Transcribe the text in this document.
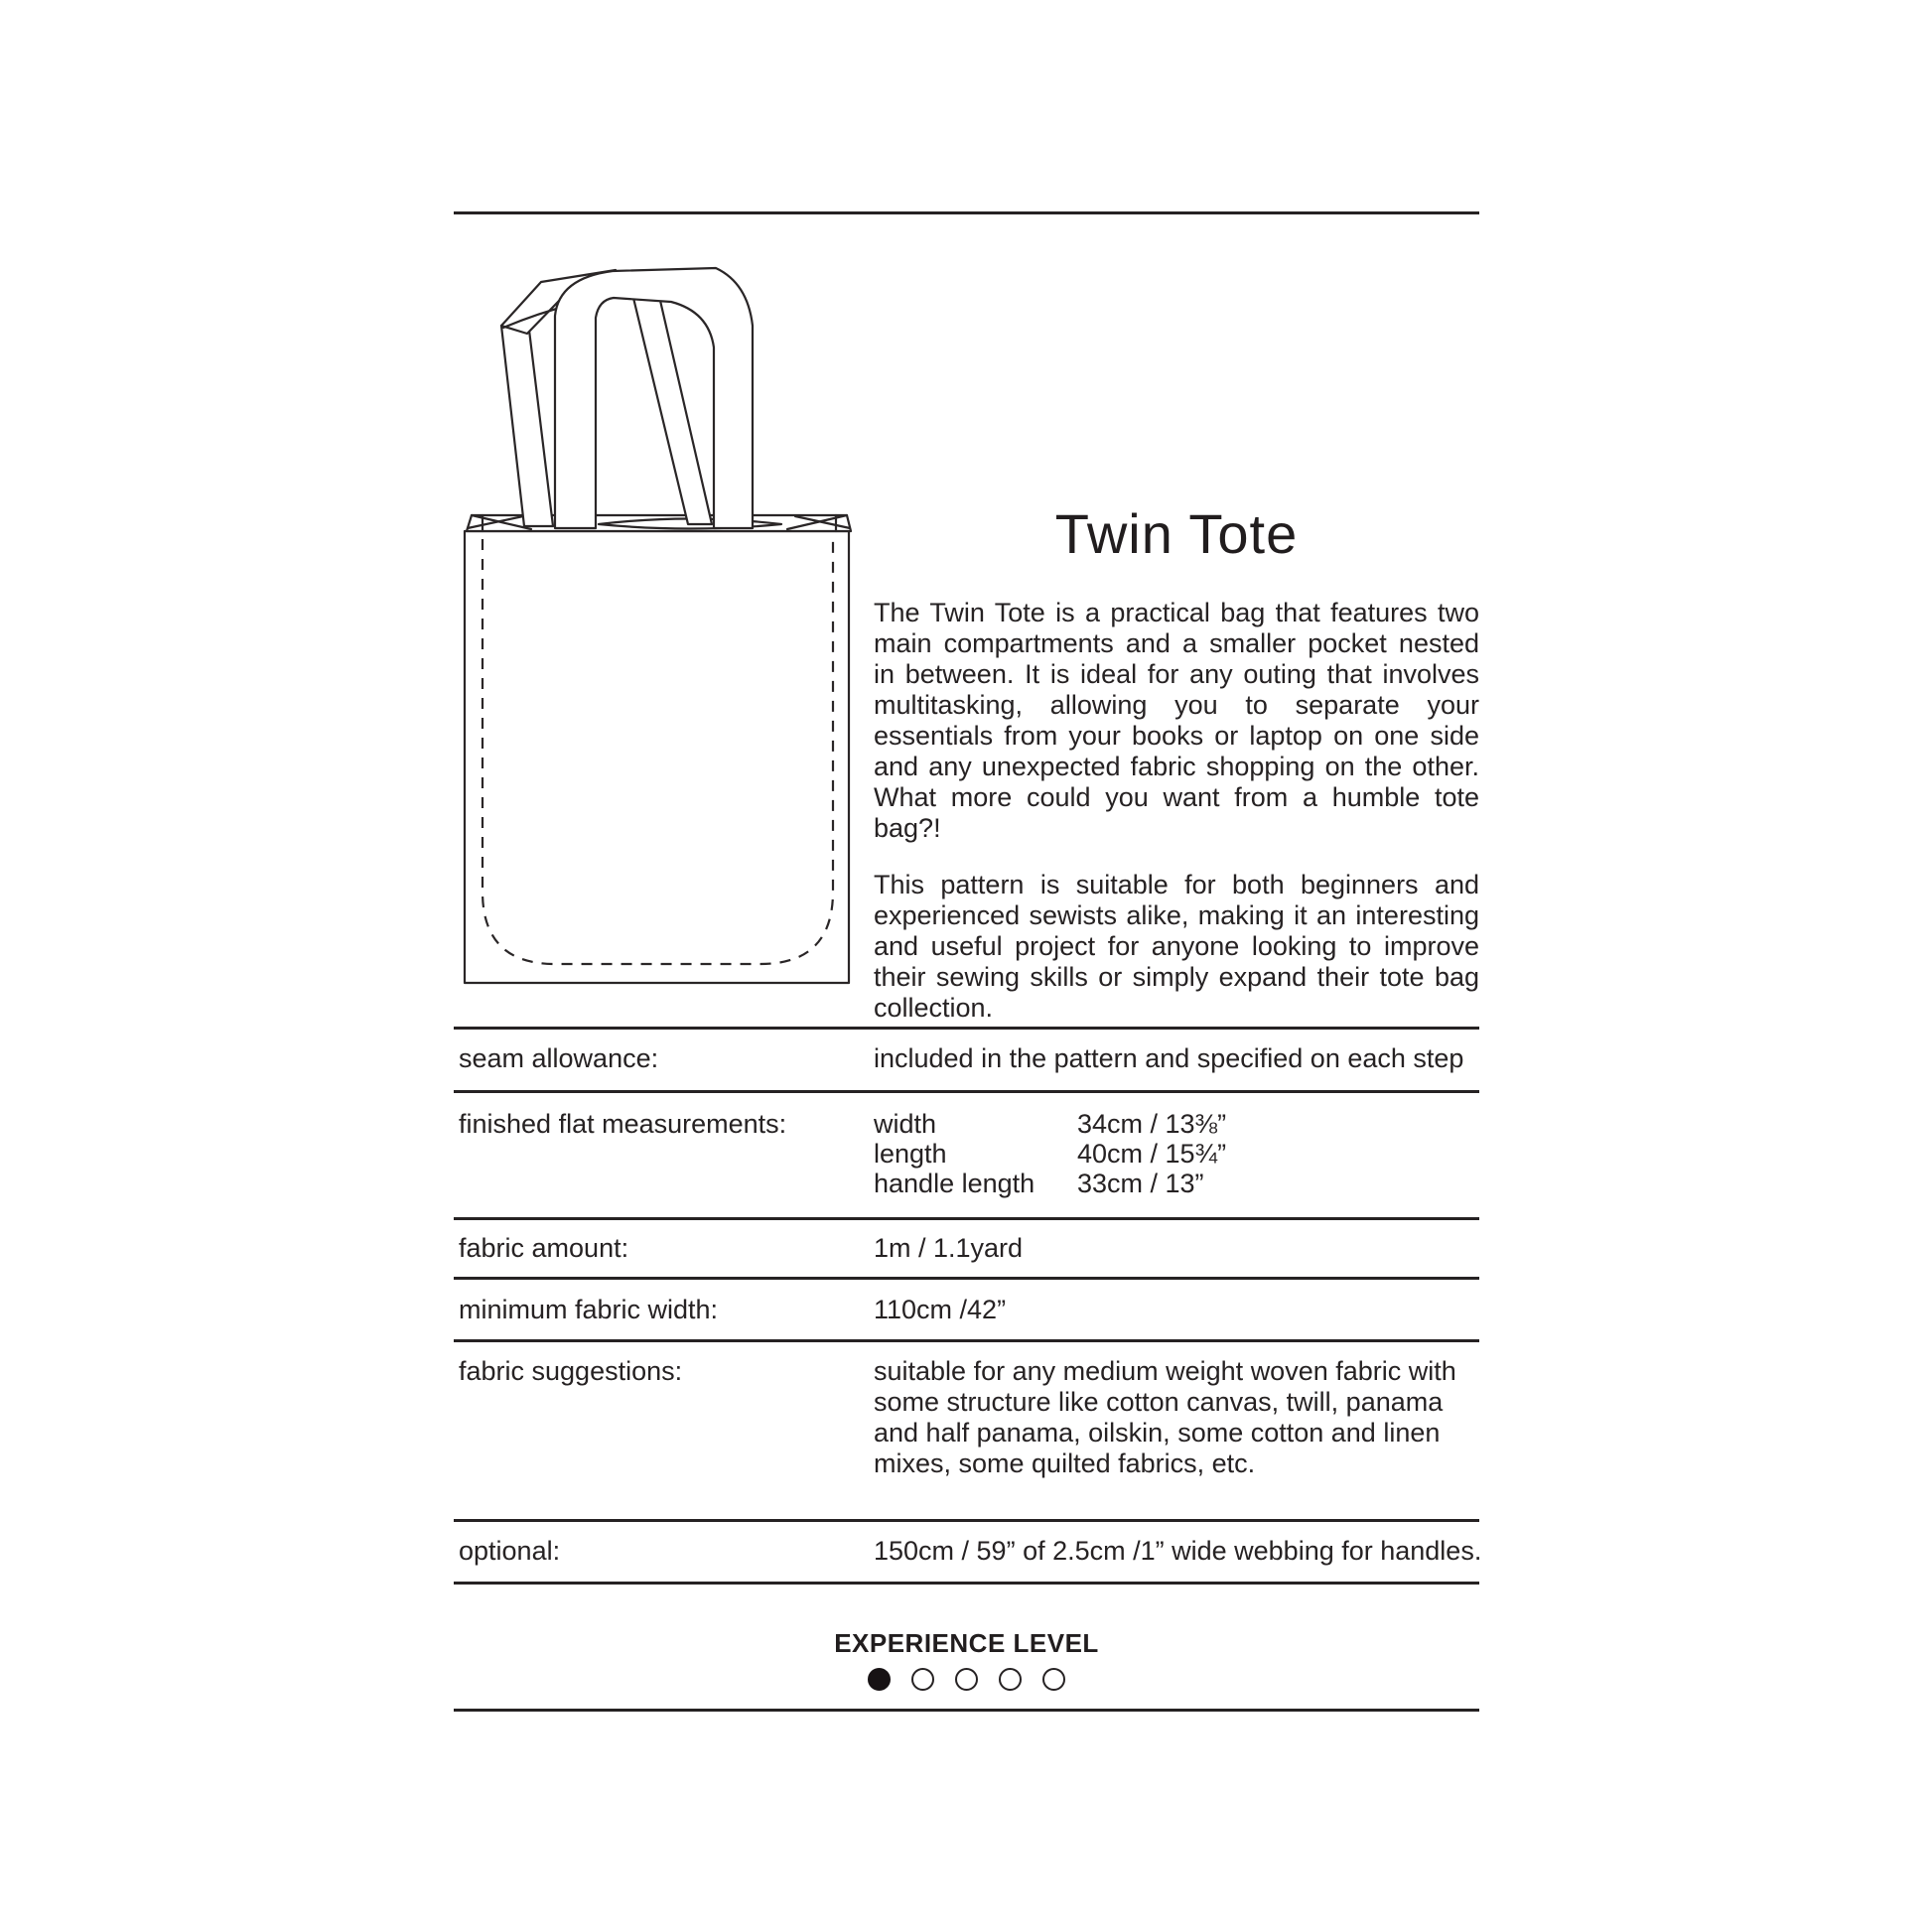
Twin Tote

The Twin Tote is a practical bag that features two main compartments and a smaller pocket nested in between. It is ideal for any outing that involves multitasking, allowing you to separate your essentials from your books or laptop on one side and any unexpected fabric shopping on the other. What more could you want from a humble tote bag?!

This pattern is suitable for both beginners and experienced sewists alike, making it an interesting and useful project for anyone looking to improve their sewing skills or simply expand their tote bag collection.

seam allowance:	included in the pattern and specified on each step
finished flat measurements:	width	34cm / 13⅜”
length	40cm / 15¾”
handle length	33cm / 13”
fabric amount:	1m / 1.1yard
minimum fabric width:	110cm /42”
fabric suggestions:	suitable for any medium weight woven fabric with some structure like cotton canvas, twill, panama and half panama, oilskin, some cotton and linen mixes, some quilted fabrics, etc.
optional:	150cm / 59” of 2.5cm /1” wide webbing for handles.
EXPERIENCE LEVEL
